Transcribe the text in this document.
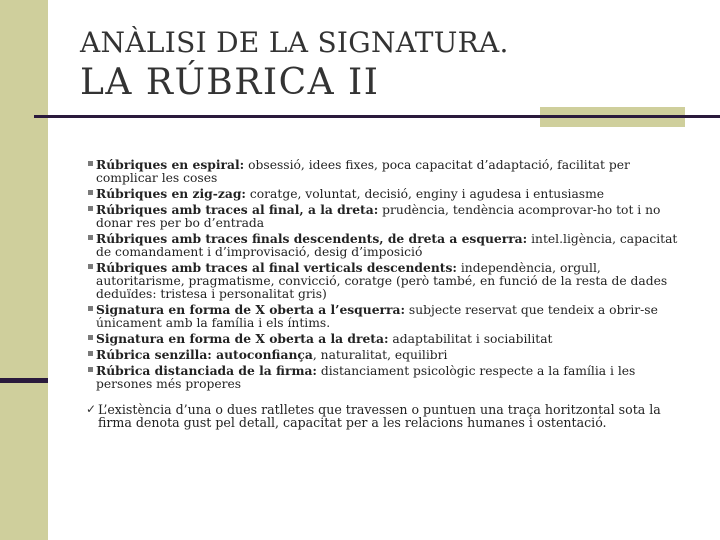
ANÀLISI DE LA SIGNATURA.
LA RÚBRICA II
Rúbriques en espiral: obsessió, idees fixes, poca capacitat d’adaptació, facilitat per complicar les coses
Rúbriques en zig-zag: coratge, voluntat, decisió, enginy i agudesa i entusiasme
Rúbriques amb traces al final, a la dreta: prudència, tendència acomprovar-ho tot i no donar res per bo d’entrada
Rúbriques amb traces finals descendents, de dreta a esquerra: intel.ligència, capacitat de comandament i d’improvisació, desig d’imposició
Rúbriques amb traces al final verticals descendents: independència, orgull, autoritarisme, pragmatisme, convicció, coratge (però també, en funció de la resta de dades deduïdes: tristesa i personalitat gris)
Signatura en forma de X oberta a l’esquerra: subjecte reservat que tendeix a obrir-se únicament amb la família i els íntims.
Signatura en forma de X oberta a la dreta: adaptabilitat i sociabilitat
Rúbrica senzilla: autoconfiança, naturalitat, equilibri
Rúbrica distanciada de la firma: distanciament psicològic respecte a la família i les persones més properes
✓ L’existència d’una o dues ratlletes que travessen o puntuen una traça horitzontal sota la firma denota gust pel detall, capacitat per a les relacions humanes i ostentació.
